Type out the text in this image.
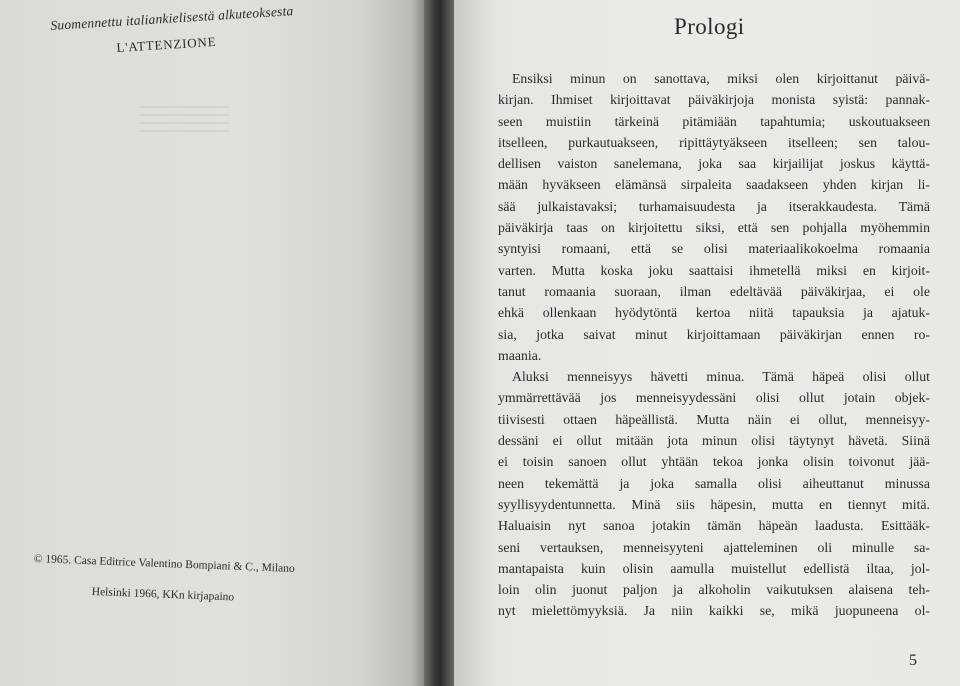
Suomennettu italiankielisestä alkuteoksesta
L'ATTENZIONE
© 1965. Casa Editrice Valentino Bompiani & C., Milano
Helsinki 1966, KKn kirjapaino
Prologi
Ensiksi minun on sanottava, miksi olen kirjoittanut päivä-
kirjan. Ihmiset kirjoittavat päiväkirjoja monista syistä: pannak-
seen muistiin tärkeinä pitämiään tapahtumia; uskoutuakseen
itselleen, purkautuakseen, ripittäytyäkseen itselleen; sen talou-
dellisen vaiston sanelemana, joka saa kirjailijat joskus käyttä-
mään hyväkseen elämänsä sirpaleita saadakseen yhden kirjan li-
sää julkaistavaksi; turhamaisuudesta ja itserakkaudesta. Tämä
päiväkirja taas on kirjoitettu siksi, että sen pohjalla myöhemmin
syntyisi romaani, että se olisi materiaalikokoelma romaania
varten. Mutta koska joku saattaisi ihmetellä miksi en kirjoit-
tanut romaania suoraan, ilman edeltävää päiväkirjaa, ei ole
ehkä ollenkaan hyödytöntä kertoa niitä tapauksia ja ajatuk-
sia, jotka saivat minut kirjoittamaan päiväkirjan ennen ro-
maania.
Aluksi menneisyys hävetti minua. Tämä häpeä olisi ollut
ymmärrettävää jos menneisyydessäni olisi ollut jotain objek-
tiivisesti ottaen häpeällistä. Mutta näin ei ollut, menneisyy-
dessäni ei ollut mitään jota minun olisi täytynyt hävetä. Siinä
ei toisin sanoen ollut yhtään tekoa jonka olisin toivonut jää-
neen tekemättä ja joka samalla olisi aiheuttanut minussa
syyllisyydentunnetta. Minä siis häpesin, mutta en tiennyt mitä.
Haluaisin nyt sanoa jotakin tämän häpeän laadusta. Esittääk-
seni vertauksen, menneisyyteni ajatteleminen oli minulle sa-
mantapaista kuin olisin aamulla muistellut edellistä iltaa, jol-
loin olin juonut paljon ja alkoholin vaikutuksen alaisena teh-
nyt mielettömyyksiä. Ja niin kaikki se, mikä juopuneena ol-
5
